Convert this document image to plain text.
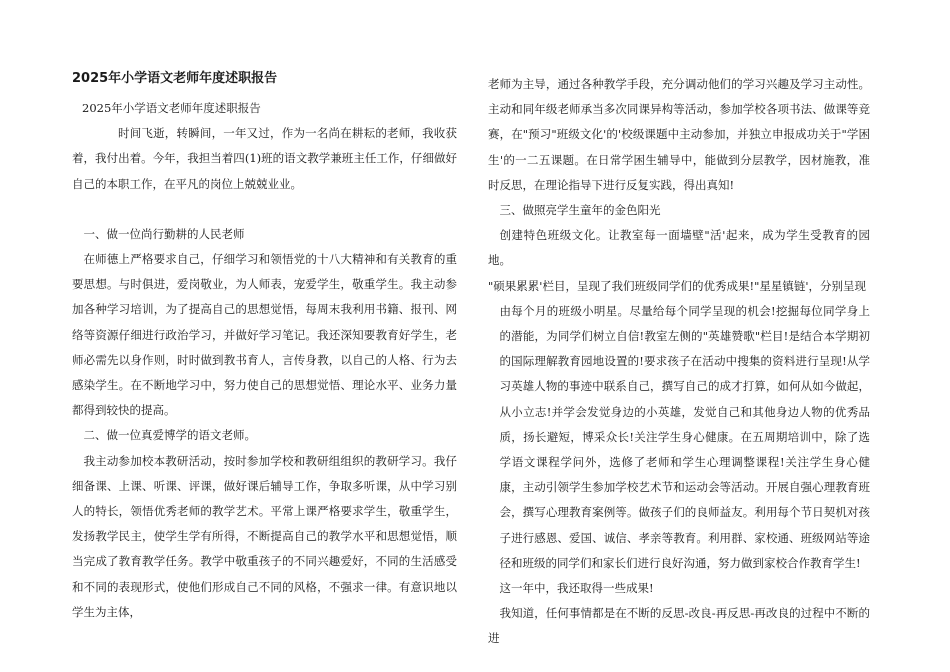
2025年小学语文老师年度述职报告

2025年小学语文老师年度述职报告

时间飞逝，转瞬间，一年又过，作为一名尚在耕耘的老师，我收获着，我付出着。今年，我担当着四(1)班的语文教学兼班主任工作，仔细做好自己的本职工作，在平凡的岗位上兢兢业业。

一、做一位尚行勤耕的人民老师

在师德上严格要求自己，仔细学习和领悟党的十八大精神和有关教育的重要思想。与时俱进，爱岗敬业，为人师表，宠爱学生，敬重学生。我主动参加各种学习培训，为了提高自己的思想觉悟，每周末我利用书籍、报刊、网络等资源仔细进行政治学习，并做好学习笔记。我还深知要教育好学生，老师必需先以身作则，时时做到教书育人，言传身教，以自己的人格、行为去感染学生。在不断地学习中，努力使自己的思想觉悟、理论水平、业务力量都得到较快的提高。

二、做一位真爱博学的语文老师。

我主动参加校本教研活动，按时参加学校和教研组组织的教研学习。我仔细备课、上课、听课、评课，做好课后辅导工作，争取多听课，从中学习别人的特长，领悟优秀老师的教学艺术。平常上课严格要求学生，敬重学生，发扬教学民主，使学生学有所得，不断提高自己的教学水平和思想觉悟，顺当完成了教育教学任务。教学中敬重孩子的不同兴趣爱好，不同的生活感受和不同的表现形式，使他们形成自己不同的风格，不强求一律。有意识地以学生为主体，

老师为主导，通过各种教学手段，充分调动他们的学习兴趣及学习主动性。主动和同年级老师承当多次同课异构等活动，参加学校各项书法、做课等竞赛，在"预习"班级文化'的'校级课题中主动参加，并独立申报成功关于"学困生'的一二五课题。在日常学困生辅导中，能做到分层教学，因材施教，准时反思，在理论指导下进行反复实践，得出真知!

三、做照亮学生童年的金色阳光

创建特色班级文化。让教室每一面墙壁"活'起来，成为学生受教育的园地。

"硕果累累'栏目，呈现了我们班级同学们的优秀成果!"星星镇链'，分别呈现

由每个月的班级小明星。尽量给每个同学呈现的机会!挖掘每位同学身上的潜能，为同学们树立自信!教室左侧的"英雄赞歌"栏目!是结合本学期初的国际理解教育园地设置的!要求孩子在活动中搜集的资料进行呈现!从学习英雄人物的事迹中联系自己，撰写自己的成才打算，如何从如今做起，从小立志!并学会发觉身边的小英雄，发觉自己和其他身边人物的优秀品质，扬长避短，博采众长!关注学生身心健康。在五周期培训中，除了选学语文课程学问外，选修了老师和学生心理调整课程!关注学生身心健康，主动引领学生参加学校艺术节和运动会等活动。开展自强心理教育班会，撰写心理教育案例等。做孩子们的良师益友。利用每个节日契机对孩子进行感恩、爱国、诚信、孝亲等教育。利用群、家校通、班级网站等途径和班级的同学们和家长们进行良好沟通，努力做到家校合作教育学生!

这一年中，我还取得一些成果!

我知道，任何事情都是在不断的反思-改良-再反思-再改良的过程中不断的进
